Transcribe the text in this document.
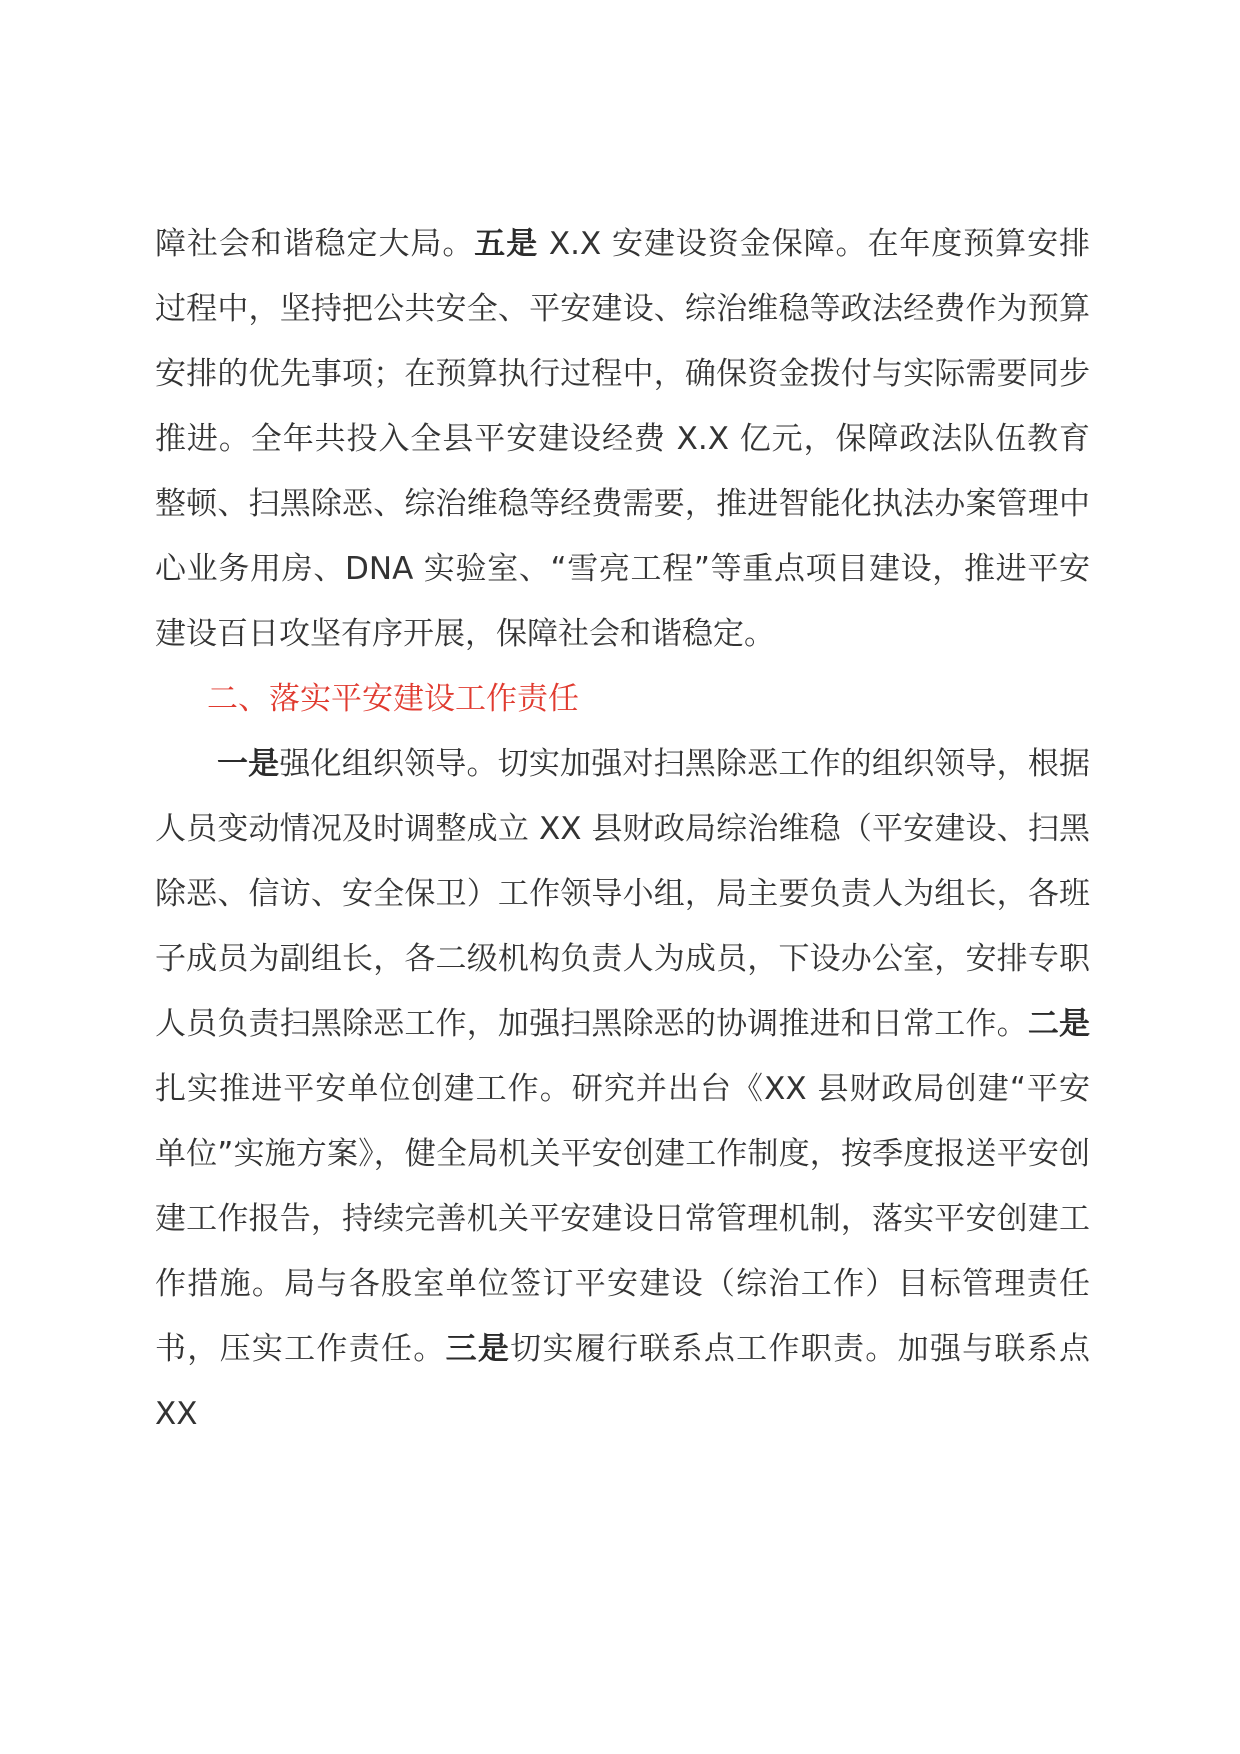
障社会和谐稳定大局。五是 X.X 安建设资金保障。在年度预算安排过程中，坚持把公共安全、平安建设、综治维稳等政法经费作为预算安排的优先事项；在预算执行过程中，确保资金拨付与实际需要同步推进。全年共投入全县平安建设经费 X.X 亿元，保障政法队伍教育整顿、扫黑除恶、综治维稳等经费需要，推进智能化执法办案管理中心业务用房、DNA 实验室、“雪亮工程”等重点项目建设，推进平安建设百日攻坚有序开展，保障社会和谐稳定。

二、落实平安建设工作责任

一是强化组织领导。切实加强对扫黑除恶工作的组织领导，根据人员变动情况及时调整成立 XX 县财政局综治维稳（平安建设、扫黑除恶、信访、安全保卫）工作领导小组，局主要负责人为组长，各班子成员为副组长，各二级机构负责人为成员，下设办公室，安排专职人员负责扫黑除恶工作，加强扫黑除恶的协调推进和日常工作。二是扎实推进平安单位创建工作。研究并出台《XX 县财政局创建“平安单位”实施方案》，健全局机关平安创建工作制度，按季度报送平安创建工作报告，持续完善机关平安建设日常管理机制，落实平安创建工作措施。局与各股室单位签订平安建设（综治工作）目标管理责任书，压实工作责任。三是切实履行联系点工作职责。加强与联系点 XX
